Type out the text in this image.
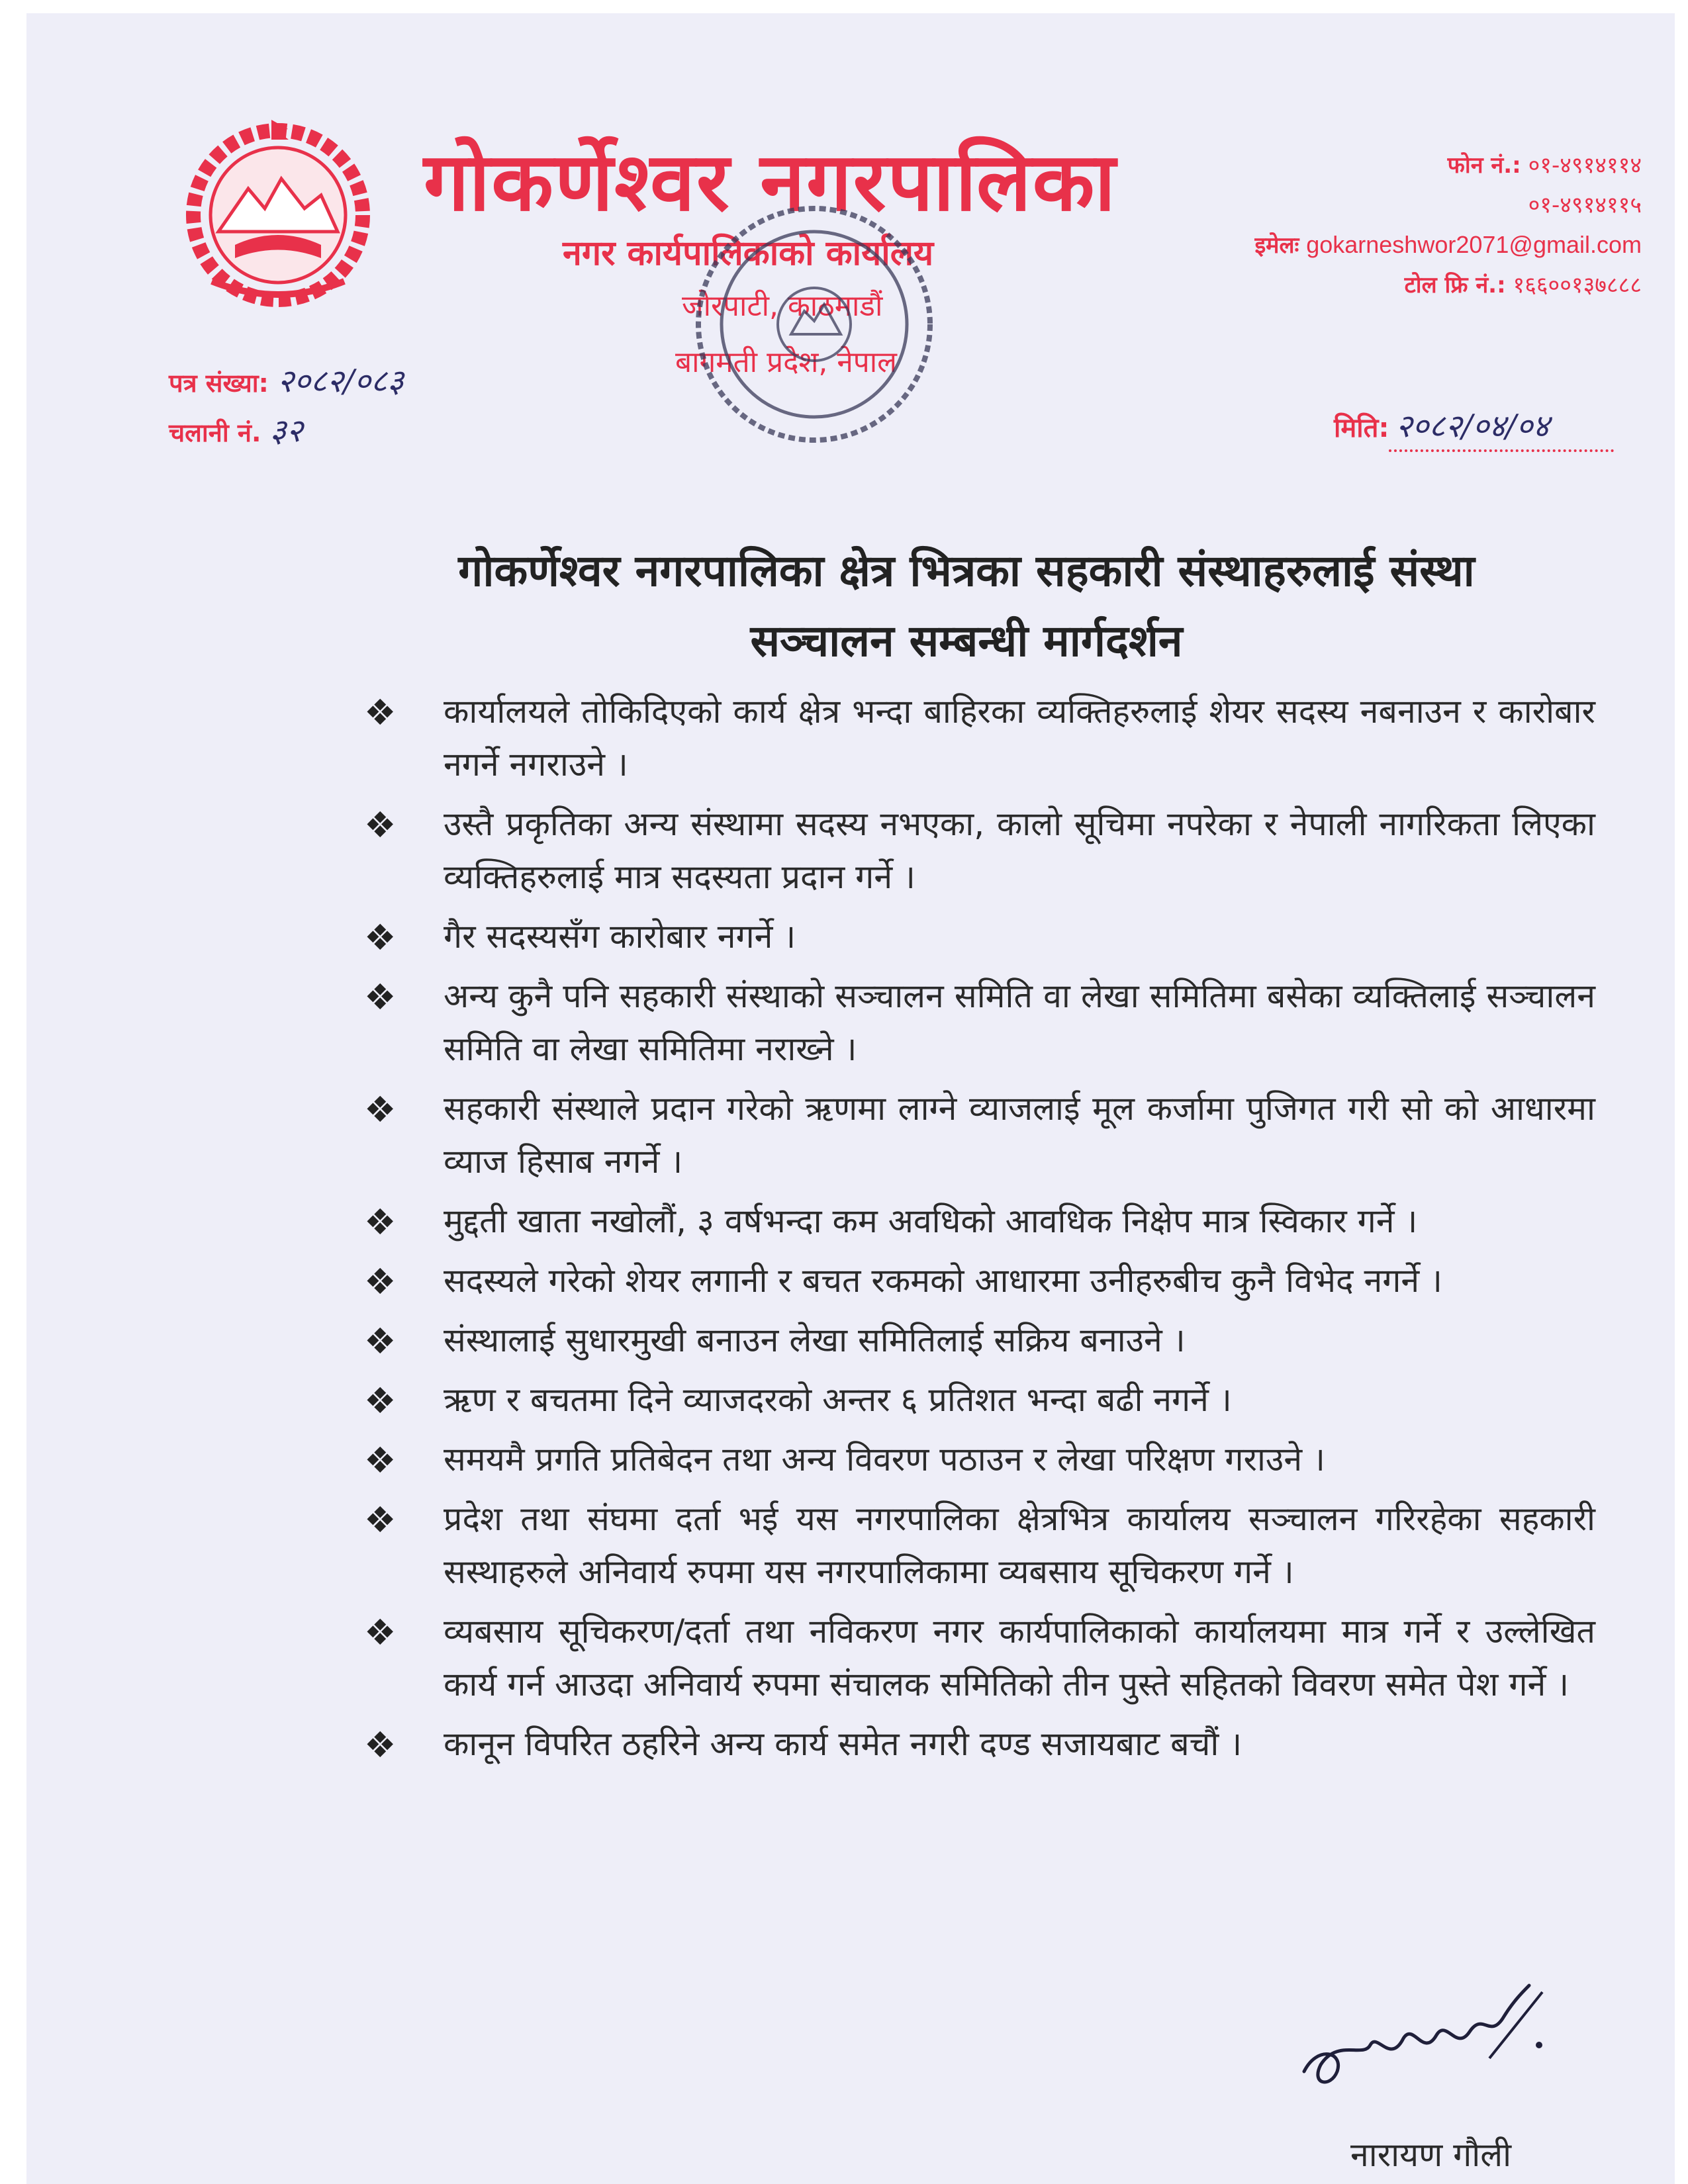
गोकर्णेश्वर नगरपालिका
नगर कार्यपालिकाको कार्यालय
जोरपाटी, काठमाडौं
बागमती प्रदेश, नेपाल
फोन नं.: ०१-४९१४११४
०१-४९१४११५
इमेलः gokarneshwor2071@gmail.com
टोल फ्रि नं.: १६६००१३७८८८
पत्र संख्या: २०८२/०८३
चलानी नं. ३२	मिति: २०८२/०४/०४
गोकर्णेश्वर नगरपालिका क्षेत्र भित्रका सहकारी संस्थाहरुलाई संस्था
सञ्चालन सम्बन्धी मार्गदर्शन
❖ कार्यालयले तोकिदिएको कार्य क्षेत्र भन्दा बाहिरका व्यक्तिहरुलाई शेयर सदस्य नबनाउन र कारोबार नगर्ने नगराउने ।
❖ उस्तै प्रकृतिका अन्य संस्थामा सदस्य नभएका, कालो सूचिमा नपरेका र नेपाली नागरिकता लिएका व्यक्तिहरुलाई मात्र सदस्यता प्रदान गर्ने ।
❖ गैर सदस्यसँग कारोबार नगर्ने ।
❖ अन्य कुनै पनि सहकारी संस्थाको सञ्चालन समिति वा लेखा समितिमा बसेका व्यक्तिलाई सञ्चालन समिति वा लेखा समितिमा नराख्ने ।
❖ सहकारी संस्थाले प्रदान गरेको ऋणमा लाग्ने व्याजलाई मूल कर्जामा पुजिगत गरी सो को आधारमा व्याज हिसाब नगर्ने ।
❖ मुद्दती खाता नखोलौं, ३ वर्षभन्दा कम अवधिको आवधिक निक्षेप मात्र स्विकार गर्ने ।
❖ सदस्यले गरेको शेयर लगानी र बचत रकमको आधारमा उनीहरुबीच कुनै विभेद नगर्ने ।
❖ संस्थालाई सुधारमुखी बनाउन लेखा समितिलाई सक्रिय बनाउने ।
❖ ऋण र बचतमा दिने व्याजदरको अन्तर ६ प्रतिशत भन्दा बढी नगर्ने ।
❖ समयमै प्रगति प्रतिबेदन तथा अन्य विवरण पठाउन र लेखा परिक्षण गराउने ।
❖ प्रदेश तथा संघमा दर्ता भई यस नगरपालिका क्षेत्रभित्र कार्यालय सञ्चालन गरिरहेका सहकारी सस्थाहरुले अनिवार्य रुपमा यस नगरपालिकामा व्यबसाय सूचिकरण गर्ने ।
❖ व्यबसाय सूचिकरण/दर्ता तथा नविकरण नगर कार्यपालिकाको कार्यालयमा मात्र गर्ने र उल्लेखित कार्य गर्न आउदा अनिवार्य रुपमा संचालक समितिको तीन पुस्ते सहितको विवरण समेत पेश गर्ने ।
❖ कानून विपरित ठहरिने अन्य कार्य समेत नगरी दण्ड सजायबाट बचौं ।
नारायण गौली
